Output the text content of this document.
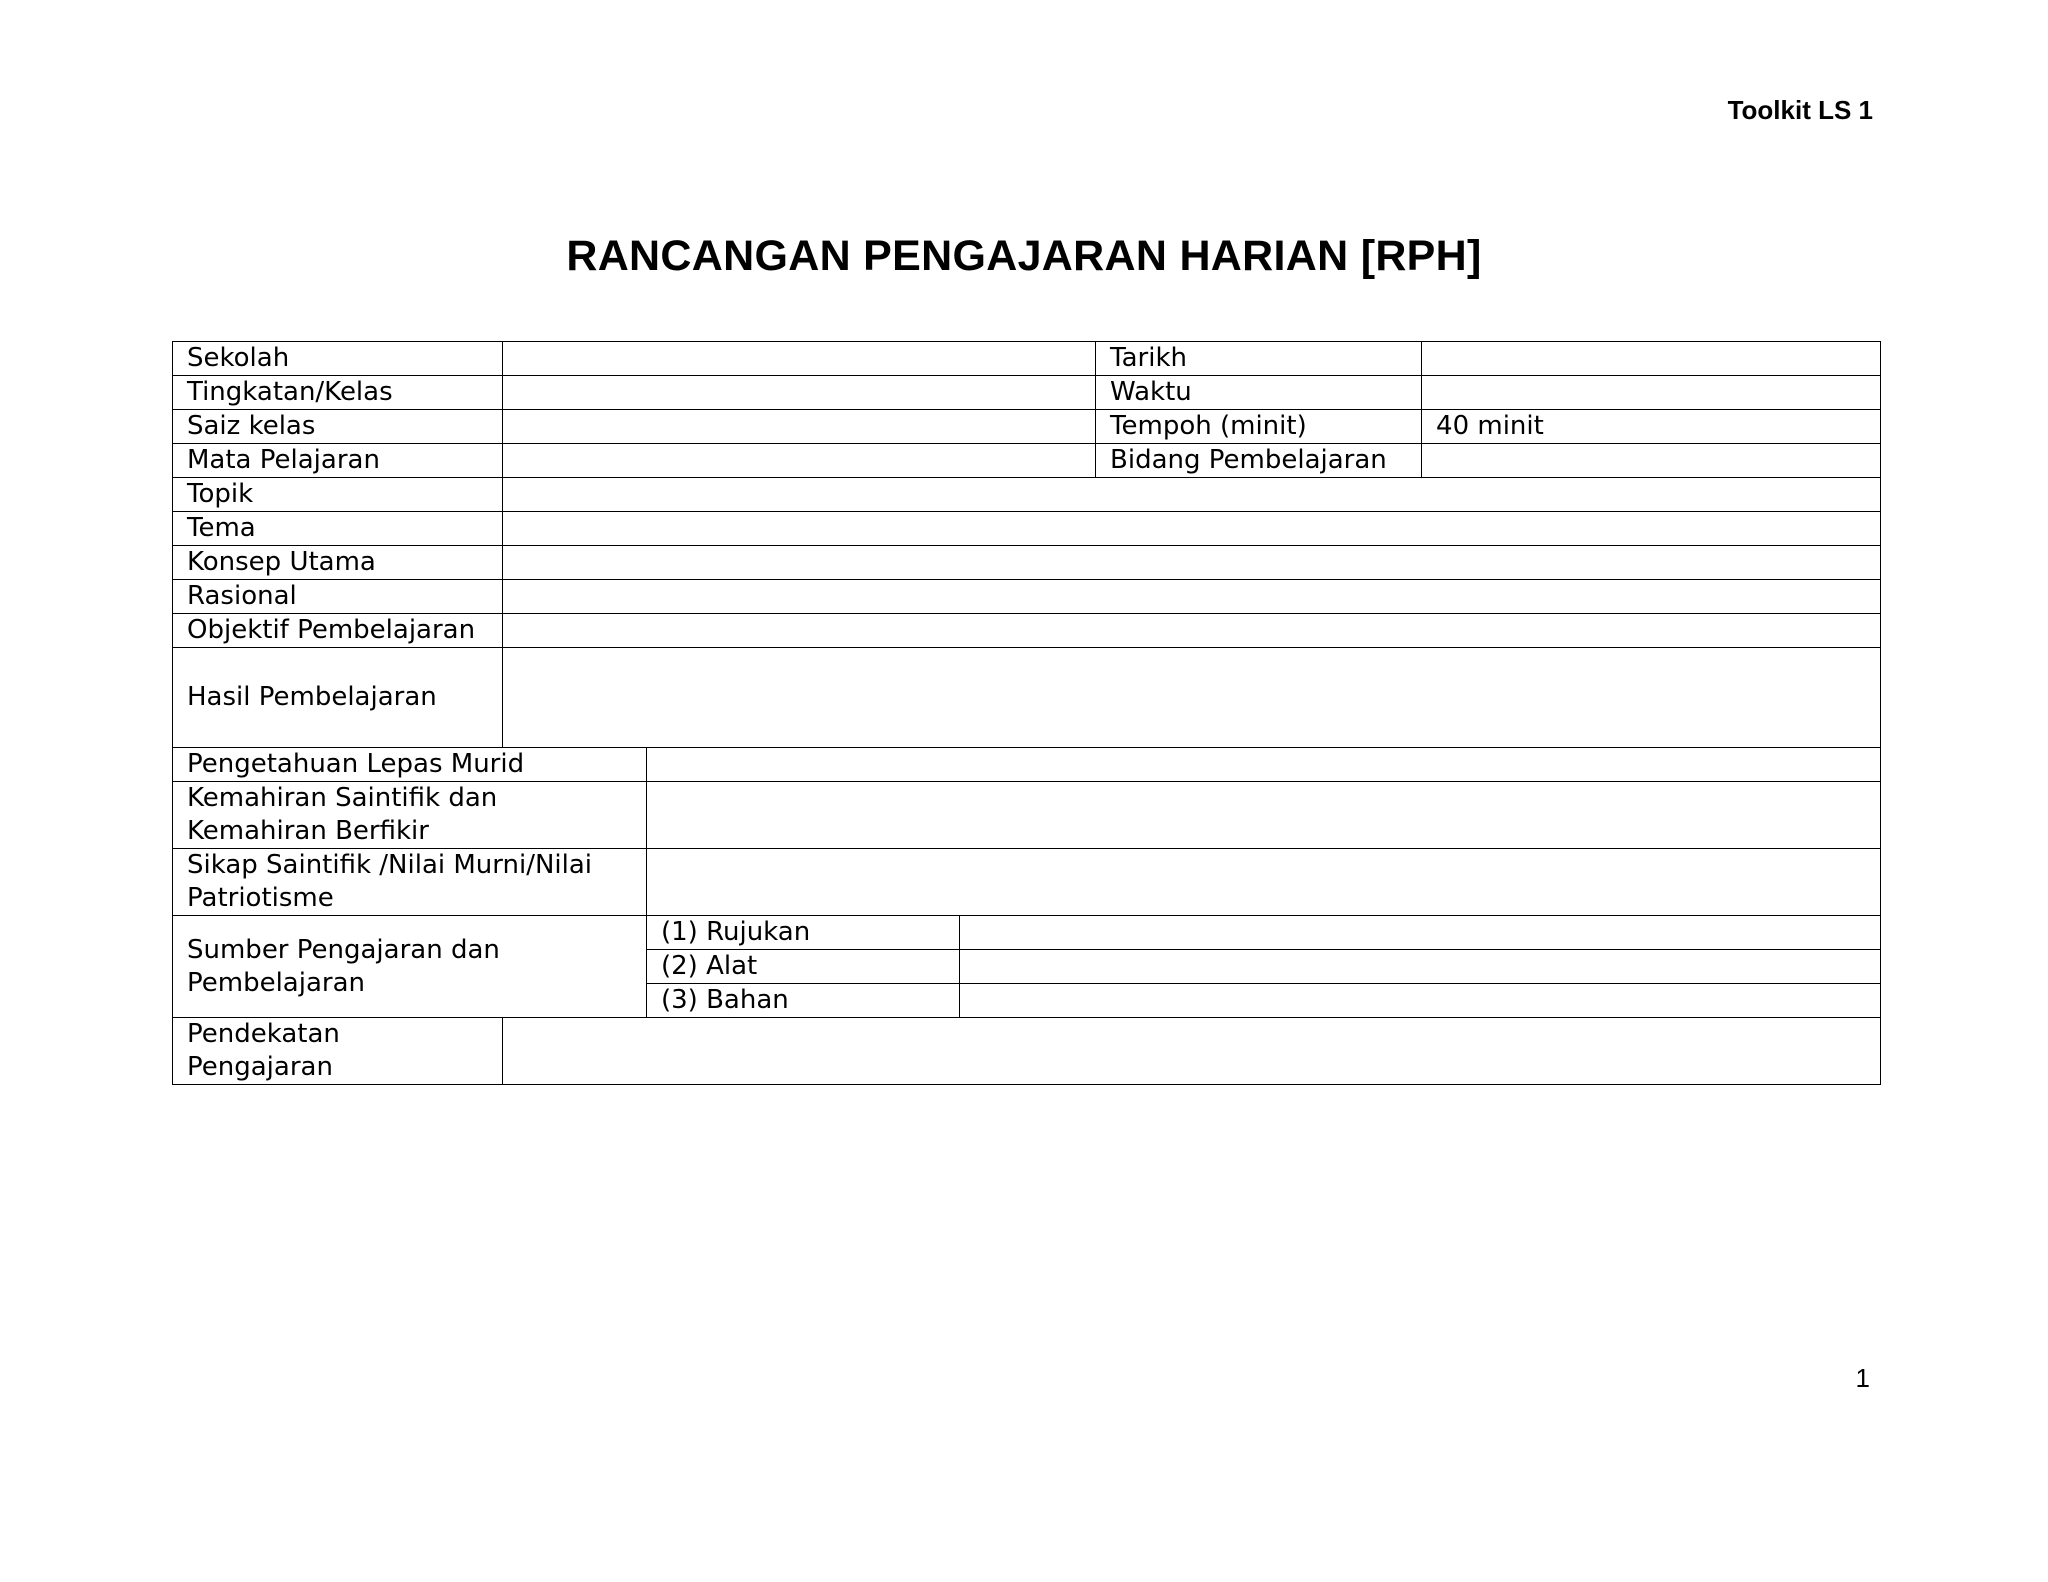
Toolkit LS 1
RANCANGAN PENGAJARAN HARIAN [RPH]
Sekolah				Tarikh	
Tingkatan/Kelas				Waktu	
Saiz kelas				Tempoh (minit)	40 minit
Mata Pelajaran				Bidang Pembelajaran	
Topik					
Tema					
Konsep Utama					
Rasional					
Objektif Pembelajaran					
Hasil Pembelajaran					
Pengetahuan Lepas Murid					
Kemahiran Saintifik dan Kemahiran Berfikir					
Sikap Saintifik /Nilai Murni/Nilai Patriotisme					
Sumber Pengajaran dan Pembelajaran		(1) Rujukan			
		(2) Alat			
		(3) Bahan			
Pendekatan Pengajaran					
1
